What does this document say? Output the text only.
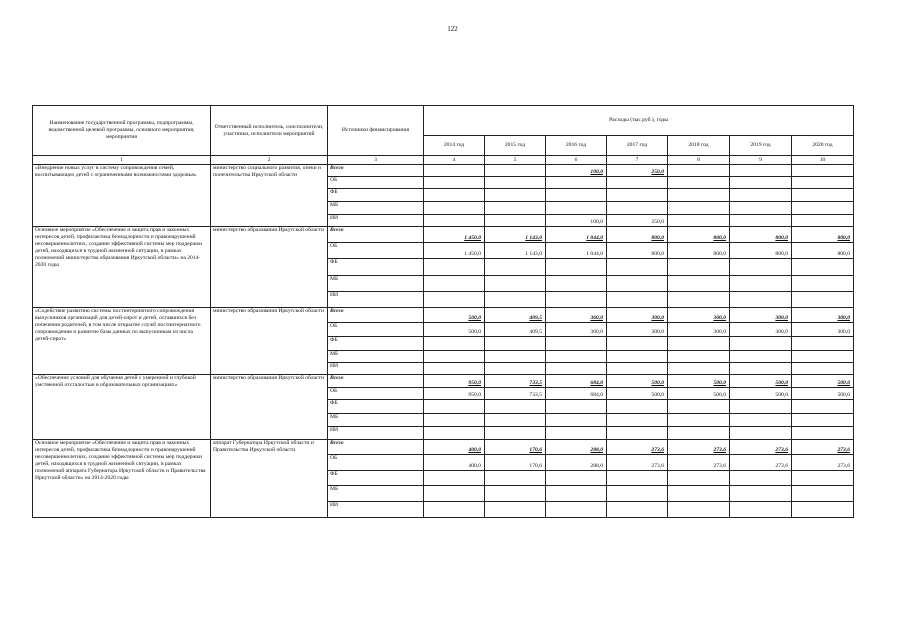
122
Наименование государственной программы, подпрограммы, ведомственной целевой программы, основного мероприятия, мероприятия	Ответственный исполнитель, соисполнители, участники, исполнители мероприятий	Источники финансирования	Расходы (тыс.руб.), годы						
			2014 год	2015 год	2016 год	2017 год	2018 год	2019 год	2020 год
1	2	3	4	5	6	7	8	9	10
«Внедрение новых услуг в систему сопровождения семей, воспитывающих детей с ограниченными возможностями здоровья»	министерство социального развития, опеки и попечительства Иркутской области	Всего			100,0	250,0			
		ОБ							
		ФБ							
		МБ							
		ИИ			100,0	250,0			
Основное мероприятие «Обеспечение и защита прав и законных интересов детей, профилактика безнадзорности и правонарушений несовершеннолетних, создание эффективной системы мер поддержки детей, находящихся в трудной жизненной ситуации, в рамках полномочий министерства образования Иркутской области» на 2014-2020 годы	министерство образования Иркутской области	Всего	1 450,0	1 143,0	1 044,0	800,0	800,0	800,0	800,0
		ОБ	1 450,0	1 143,0	1 044,0	800,0	800,0	800,0	800,0
		ФБ							
		МБ							
		ИИ							
«Содействие развитию системы постинтернатного сопровождения выпускников организаций для детей-сирот и детей, оставшихся без попечения родителей, в том числе открытие служб постинтернатного сопровождения и развитие базы данных по выпускникам из числа детей-сирот»	министерство образования Иркутской области	Всего	500,0	409,5	360,0	300,0	300,0	300,0	300,0
		ОБ	500,0	409,5	360,0	300,0	300,0	300,0	300,0
		ФБ							
		МБ							
		ИИ							
«Обеспечение условий для обучения детей с умеренной и глубокой умственной отсталостью в образовательных организациях»	министерство образования Иркутской области	Всего	950,0	733,5	684,0	500,0	500,0	500,0	500,0
		ОБ	950,0	733,5	684,0	500,0	500,0	500,0	500,0
		ФБ							
		МБ							
		ИИ							
Основное мероприятие «Обеспечение и защита прав и законных интересов детей, профилактика безнадзорности и правонарушений несовершеннолетних, создание эффективной системы мер поддержки детей, находящихся в трудной жизненной ситуации, в рамках полномочий аппарата Губернатора Иркутской области и Правительства Иркутской области» на 2014-2020 годы	аппарат Губернатора Иркутской области и Правительства Иркутской области	Всего	400,0	170,6	288,0	273,6	273,6	273,6	273,6
		ОБ	400,0	170,6	288,0	273,6	273,6	273,6	273,6
		ФБ							
		МБ							
		ИИ							
